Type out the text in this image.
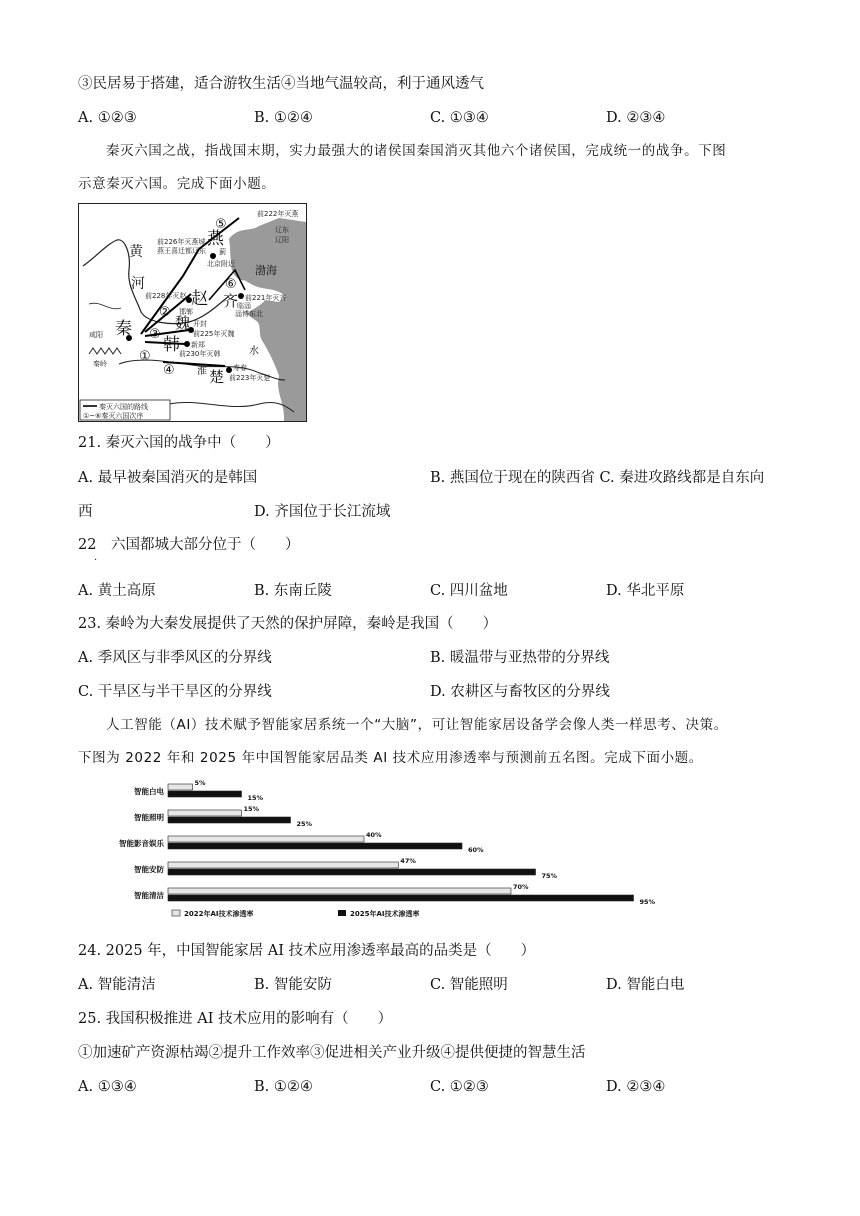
③民居易于搭建，适合游牧生活④当地气温较高，利于通风透气
A. ①②③	B. ①②④	C. ①③④	D. ②③④
秦灭六国之战，指战国末期，实力最强大的诸侯国秦国消灭其他六个诸侯国，完成统一的战争。下图
示意秦灭六国。完成下面小题。
黄
河
秦
燕
赵
魏
韩
齐
楚
渤海
淮
水
⑤
⑥
②
③
①
④
咸阳
秦岭
前222年灭燕
辽东
辽阳
前226年灭燕城
燕王喜迁都辽东 蓟
北京附近
前228年灭赵
邯郸
前221年灭齐
临淄
淄博东北
开封
前225年灭魏
新郑
前230年灭韩
寿春
前223年灭楚
秦灭六国的路线
①~⑥秦灭六国次序
21. 秦灭六国的战争中（　　）
A. 最早被秦国消灭的是韩国	B. 燕国位于现在的陕西省 C. 秦进攻路线都是自东向
西	D. 齐国位于长江流域
22　六国都城大部分位于（　　）
.
A. 黄土高原	B. 东南丘陵	C. 四川盆地	D. 华北平原
23. 秦岭为大秦发展提供了天然的保护屏障，秦岭是我国（　　）
A. 季风区与非季风区的分界线	B. 暖温带与亚热带的分界线
C. 干旱区与半干旱区的分界线	D. 农耕区与畜牧区的分界线
人工智能（AI）技术赋予智能家居系统一个“大脑”，可让智能家居设备学会像人类一样思考、决策。
下图为 2022 年和 2025 年中国智能家居品类 AI 技术应用渗透率与预测前五名图。完成下面小题。
智能白电
5%
15%
智能照明
15%
25%
智能影音娱乐
40%
60%
智能安防
47%
75%
智能清洁
70%
95%
2022年AI技术渗透率	2025年AI技术渗透率
24. 2025 年，中国智能家居 AI 技术应用渗透率最高的品类是（　　）
A. 智能清洁	B. 智能安防	C. 智能照明	D. 智能白电
25. 我国积极推进 AI 技术应用的影响有（　　）
①加速矿产资源枯竭②提升工作效率③促进相关产业升级④提供便捷的智慧生活
A. ①③④	B. ①②④	C. ①②③	D. ②③④
